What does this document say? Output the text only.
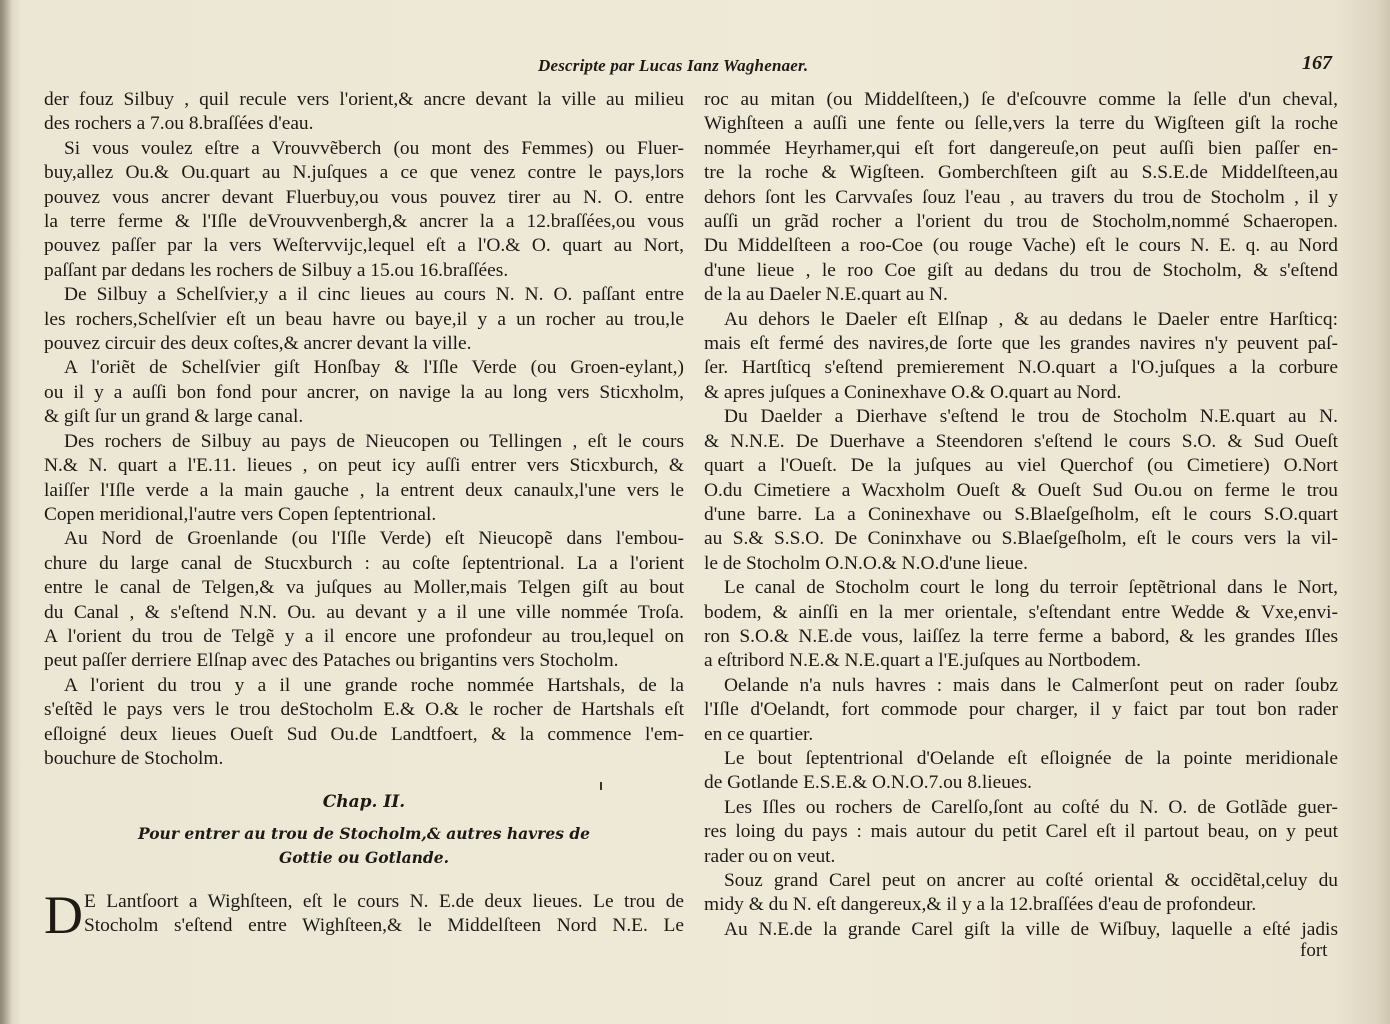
Descripte par Lucas Ianz Waghenaer.	167
der fouz Silbuy , quil recule vers l'orient,& ancre devant la ville au milieu
des rochers a 7.ou 8.braſſées d'eau.
Si vous voulez eſtre a Vrouvvẽberch (ou mont des Femmes) ou Fluer-
buy,allez Ou.& Ou.quart au N.juſques a ce que venez contre le pays,lors
pouvez vous ancrer devant Fluerbuy,ou vous pouvez tirer au N. O. entre
la terre ferme & l'Iſle deVrouvvenbergh,& ancrer la a 12.braſſées,ou vous
pouvez paſſer par la vers Weſtervvijc,lequel eſt a l'O.& O. quart au Nort,
paſſant par dedans les rochers de Silbuy a 15.ou 16.braſſées.
De Silbuy a Schelſvier,y a il cinc lieues au cours N. N. O. paſſant entre
les rochers,Schelſvier eſt un beau havre ou baye,il y a un rocher au trou,le
pouvez circuir des deux coſtes,& ancrer devant la ville.
A l'oriẽt de Schelſvier giſt Honſbay & l'Iſle Verde (ou Groen-eylant,)
ou il y a auſſi bon fond pour ancrer, on navige la au long vers Sticxholm,
& giſt ſur un grand & large canal.
Des rochers de Silbuy au pays de Nieucopen ou Tellingen , eſt le cours
N.& N. quart a l'E.11. lieues , on peut icy auſſi entrer vers Sticxburch, &
laiſſer l'Iſle verde a la main gauche , la entrent deux canaulx,l'une vers le
Copen meridional,l'autre vers Copen ſeptentrional.
Au Nord de Groenlande (ou l'Iſle Verde) eſt Nieucopẽ dans l'embou-
chure du large canal de Stucxburch : au coſte ſeptentrional. La a l'orient
entre le canal de Telgen,& va juſques au Moller,mais Telgen giſt au bout
du Canal , & s'eſtend N.N. Ou. au devant y a il une ville nommée Troſa.
A l'orient du trou de Telgẽ y a il encore une profondeur au trou,lequel on
peut paſſer derriere Elſnap avec des Pataches ou brigantins vers Stocholm.
A l'orient du trou y a il une grande roche nommée Hartshals, de la
s'eſtẽd le pays vers le trou deStocholm E.& O.& le rocher de Hartshals eſt
eſloigné deux lieues Oueſt Sud Ou.de Landtfoert, & la commence l'em-
bouchure de Stocholm.
Chap. II.
Pour entrer au trou de Stocholm,& autres havres de
Gottie ou Gotlande.
D E Lantſoort a Wighſteen, eſt le cours N. E.de deux lieues. Le trou de
Stocholm s'eſtend entre Wighſteen,& le Middelſteen Nord N.E. Le
roc au mitan (ou Middelſteen,) ſe d'eſcouvre comme la ſelle d'un cheval,
Wighſteen a auſſi une fente ou ſelle,vers la terre du Wigſteen giſt la roche
nommée Heyrhamer,qui eſt fort dangereuſe,on peut auſſi bien paſſer en-
tre la roche & Wigſteen. Gomberchſteen giſt au S.S.E.de Middelſteen,au
dehors ſont les Carvvaſes ſouz l'eau , au travers du trou de Stocholm , il y
auſſi un grãd rocher a l'orient du trou de Stocholm,nommé Schaeropen.
Du Middelſteen a roo-Coe (ou rouge Vache) eſt le cours N. E. q. au Nord
d'une lieue , le roo Coe giſt au dedans du trou de Stocholm, & s'eſtend
de la au Daeler N.E.quart au N.
Au dehors le Daeler eſt Elſnap , & au dedans le Daeler entre Harſticq:
mais eſt fermé des navires,de ſorte que les grandes navires n'y peuvent paſ-
ſer. Hartſticq s'eſtend premierement N.O.quart a l'O.juſques a la corbure
& apres juſques a Coninexhave O.& O.quart au Nord.
Du Daelder a Dierhave s'eſtend le trou de Stocholm N.E.quart au N.
& N.N.E. De Duerhave a Steendoren s'eſtend le cours S.O. & Sud Oueſt
quart a l'Oueſt. De la juſques au viel Querchof (ou Cimetiere) O.Nort
O.du Cimetiere a Wacxholm Oueſt & Oueſt Sud Ou.ou on ferme le trou
d'une barre. La a Coninexhave ou S.Blaeſgeſholm, eſt le cours S.O.quart
au S.& S.S.O. De Coninxhave ou S.Blaeſgeſholm, eſt le cours vers la vil-
le de Stocholm O.N.O.& N.O.d'une lieue.
Le canal de Stocholm court le long du terroir ſeptẽtrional dans le Nort,
bodem, & ainſſi en la mer orientale, s'eſtendant entre Wedde & Vxe,envi-
ron S.O.& N.E.de vous, laiſſez la terre ferme a babord, & les grandes Iſles
a eſtribord N.E.& N.E.quart a l'E.juſques au Nortbodem.
Oelande n'a nuls havres : mais dans le Calmerſont peut on rader ſoubz
l'Iſle d'Oelandt, fort commode pour charger, il y faict par tout bon rader
en ce quartier.
Le bout ſeptentrional d'Oelande eſt eſloignée de la pointe meridionale
de Gotlande E.S.E.& O.N.O.7.ou 8.lieues.
Les Iſles ou rochers de Carelſo,ſont au coſté du N. O. de Gotlãde guer-
res loing du pays : mais autour du petit Carel eſt il partout beau, on y peut
rader ou on veut.
Souz grand Carel peut on ancrer au coſté oriental & occidẽtal,celuy du
midy & du N. eſt dangereux,& il y a la 12.braſſées d'eau de profondeur.
Au N.E.de la grande Carel giſt la ville de Wiſbuy, laquelle a eſté jadis
fort
